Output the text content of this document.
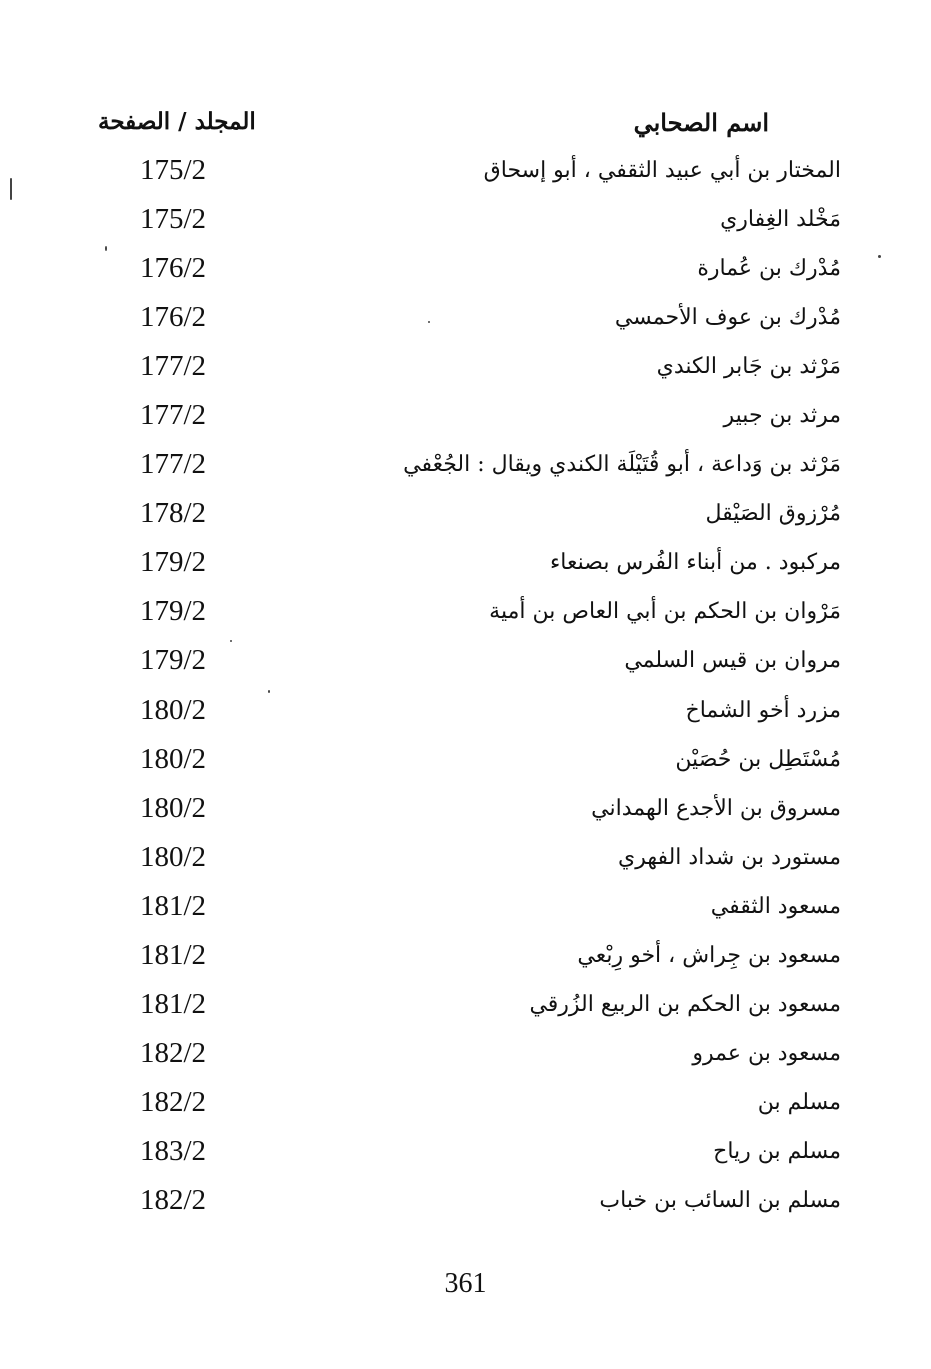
اسم الصحابي
المجلد / الصفحة
المختار بن أبي عبيد الثقفي ، أبو إسحاق
175/2
مَخْلد الغِفاري
175/2
مُدْرك بن عُمارة
176/2
مُدْرك بن عوف الأحمسي
176/2
مَرْثد بن جَابر الكندي
177/2
مرثد بن جبير
177/2
مَرْثد بن وَداعة ، أبو قُتَيْلَة الكندي ويقال : الجُعْفي
177/2
مُرْزوق الصَيْقل
178/2
مركبود . من أبناء الفُرس بصنعاء
179/2
مَرْوان بن الحكم بن أبي العاص بن أمية
179/2
مروان بن قيس السلمي
179/2
مزرد أخو الشماخ
180/2
مُسْتَطِل بن حُصَيْن
180/2
مسروق بن الأجدع الهمداني
180/2
مستورد بن شداد الفهري
180/2
مسعود الثقفي
181/2
مسعود بن جِراش ، أخو رِبْعي
181/2
مسعود بن الحكم بن الربيع الزُرقي
181/2
مسعود بن عمرو
182/2
مسلم بن
182/2
مسلم بن رياح
183/2
مسلم بن السائب بن خباب
182/2
361
